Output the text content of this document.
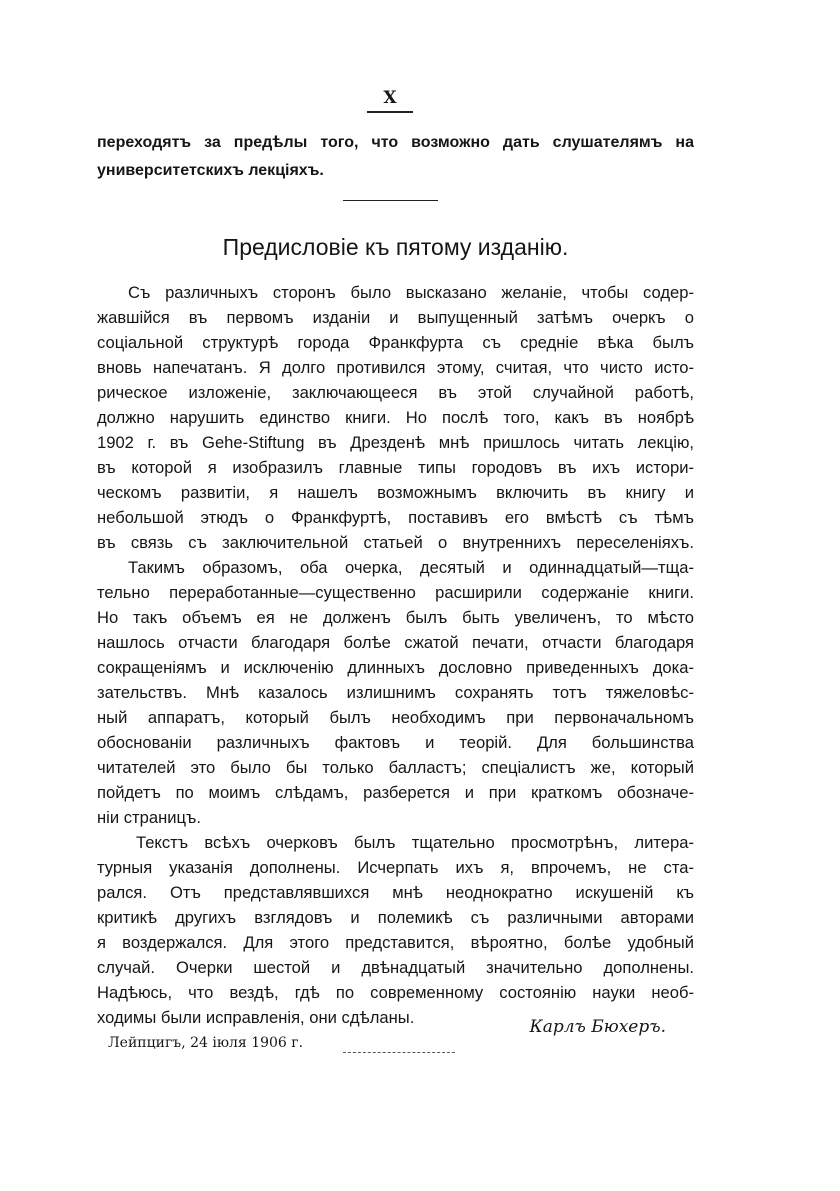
X
переходятъ за предѣлы того, что возможно дать слушателямъ на
университетскихъ лекціяхъ.
Предисловіе къ пятому изданію.
Съ различныхъ сторонъ было высказано желаніе, чтобы содер-
жавшійся въ первомъ изданіи и выпущенный затѣмъ очеркъ о
соціальной структурѣ города Франкфурта съ средніе вѣка былъ
вновь напечатанъ. Я долго противился этому, считая, что чисто исто-
рическое изложеніе, заключающееся въ этой случайной работѣ,
должно нарушить единство книги. Но послѣ того, какъ въ ноябрѣ
1902 г. въ Gehe-Stiftung въ Дрезденѣ мнѣ пришлось читать лекцію,
въ которой я изобразилъ главные типы городовъ въ ихъ истори-
ческомъ развитіи, я нашелъ возможнымъ включить въ книгу и
небольшой этюдъ о Франкфуртѣ, поставивъ его вмѣстѣ съ тѣмъ
въ связь съ заключительной статьей о внутреннихъ переселеніяхъ.
Такимъ образомъ, оба очерка, десятый и одиннадцатый—тща-
тельно переработанные—существенно расширили содержаніе книги.
Но такъ объемъ ея не долженъ былъ быть увеличенъ, то мѣсто
нашлось отчасти благодаря болѣе сжатой печати, отчасти благодаря
сокращеніямъ и исключенію длинныхъ дословно приведенныхъ дока-
зательствъ. Мнѣ казалось излишнимъ сохранять тотъ тяжеловѣс-
ный аппаратъ, который былъ необходимъ при первоначальномъ
обоснованіи различныхъ фактовъ и теорій. Для большинства
читателей это было бы только балластъ; спеціалистъ же, который
пойдетъ по моимъ слѣдамъ, разберется и при краткомъ обозначе-
ніи страницъ.
Текстъ всѣхъ очерковъ былъ тщательно просмотрѣнъ, литера-
турныя указанія дополнены. Исчерпать ихъ я, впрочемъ, не ста-
рался. Отъ представлявшихся мнѣ неоднократно искушеній къ
критикѣ другихъ взглядовъ и полемикѣ съ различными авторами
я воздержался. Для этого представится, вѣроятно, болѣе удобный
случай. Очерки шестой и двѣнадцатый значительно дополнены.
Надѣюсь, что вездѣ, гдѣ по современному состоянію науки необ-
ходимы были исправленія, они сдѣланы.	Карлъ Бюхеръ.
Лейпцигъ, 24 іюля 1906 г.
